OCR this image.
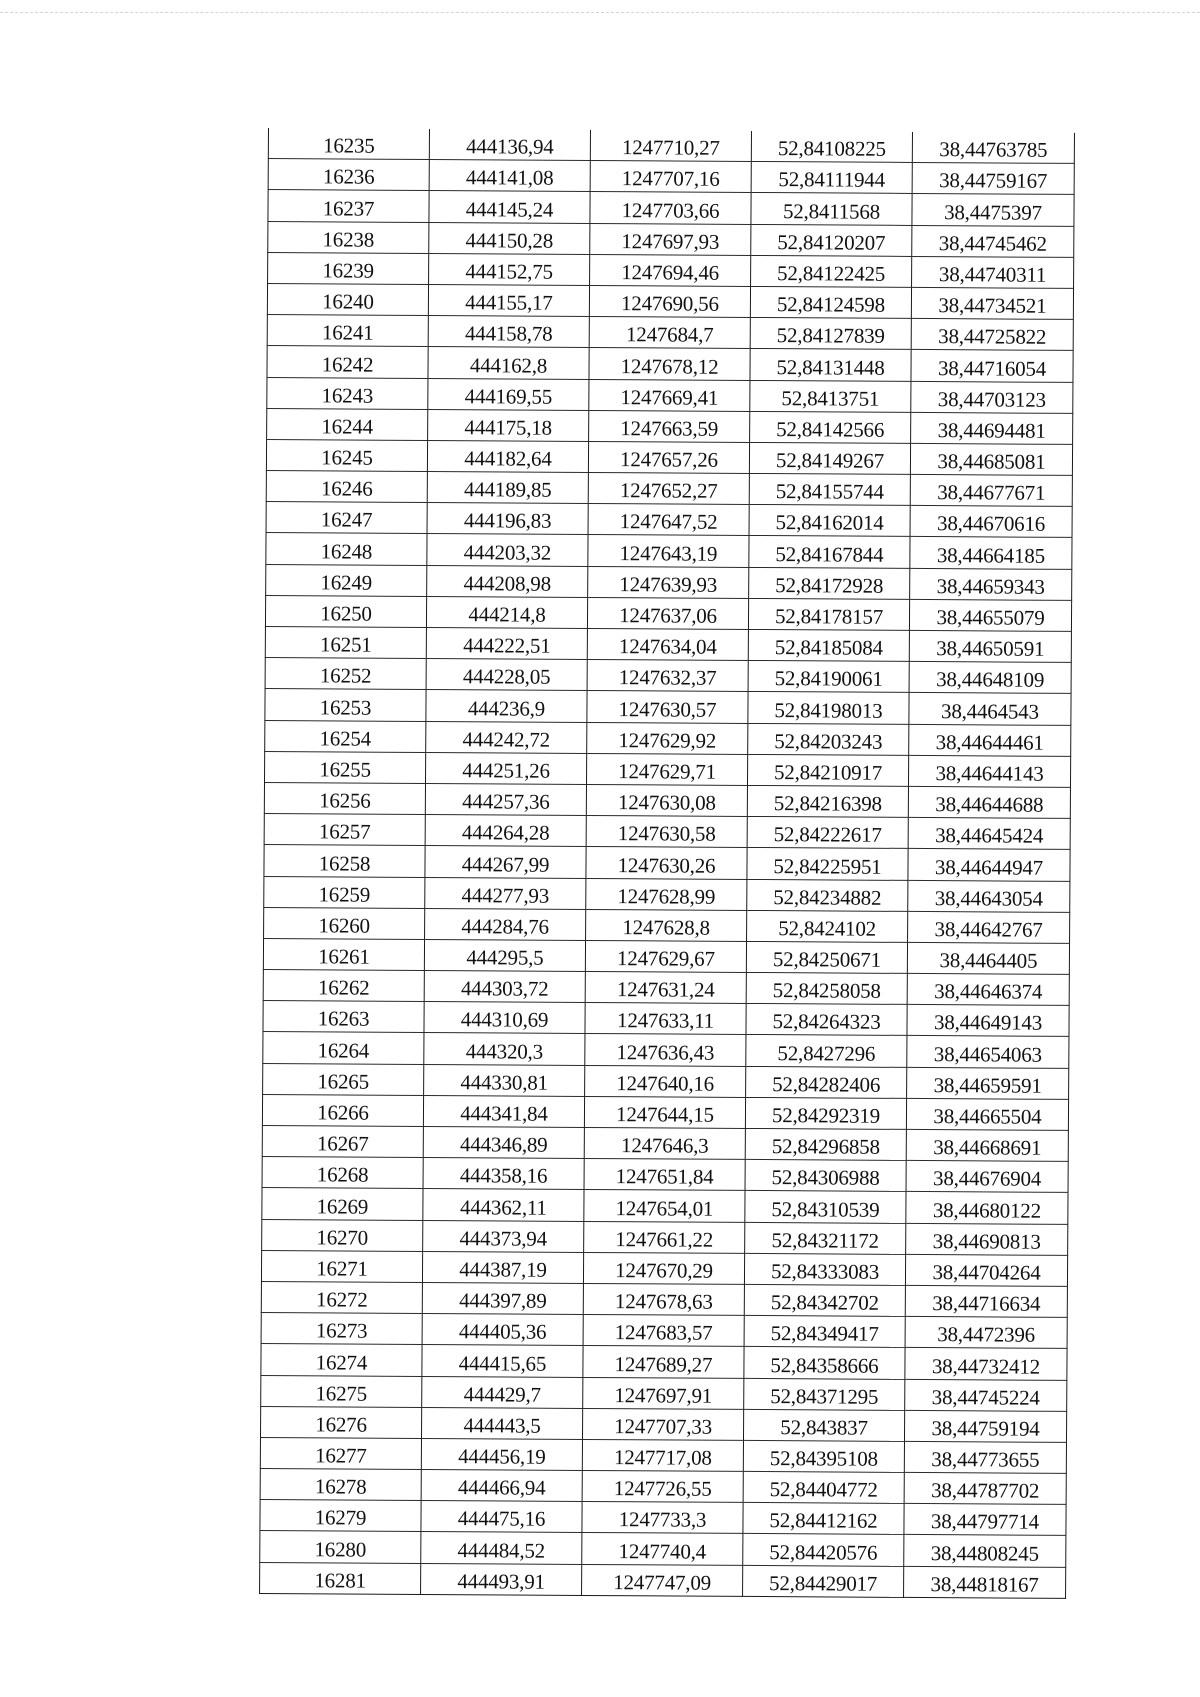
16235	444136,94	1247710,27	52,84108225	38,44763785
16236	444141,08	1247707,16	52,84111944	38,44759167
16237	444145,24	1247703,66	52,8411568	38,4475397
16238	444150,28	1247697,93	52,84120207	38,44745462
16239	444152,75	1247694,46	52,84122425	38,44740311
16240	444155,17	1247690,56	52,84124598	38,44734521
16241	444158,78	1247684,7	52,84127839	38,44725822
16242	444162,8	1247678,12	52,84131448	38,44716054
16243	444169,55	1247669,41	52,8413751	38,44703123
16244	444175,18	1247663,59	52,84142566	38,44694481
16245	444182,64	1247657,26	52,84149267	38,44685081
16246	444189,85	1247652,27	52,84155744	38,44677671
16247	444196,83	1247647,52	52,84162014	38,44670616
16248	444203,32	1247643,19	52,84167844	38,44664185
16249	444208,98	1247639,93	52,84172928	38,44659343
16250	444214,8	1247637,06	52,84178157	38,44655079
16251	444222,51	1247634,04	52,84185084	38,44650591
16252	444228,05	1247632,37	52,84190061	38,44648109
16253	444236,9	1247630,57	52,84198013	38,4464543
16254	444242,72	1247629,92	52,84203243	38,44644461
16255	444251,26	1247629,71	52,84210917	38,44644143
16256	444257,36	1247630,08	52,84216398	38,44644688
16257	444264,28	1247630,58	52,84222617	38,44645424
16258	444267,99	1247630,26	52,84225951	38,44644947
16259	444277,93	1247628,99	52,84234882	38,44643054
16260	444284,76	1247628,8	52,8424102	38,44642767
16261	444295,5	1247629,67	52,84250671	38,4464405
16262	444303,72	1247631,24	52,84258058	38,44646374
16263	444310,69	1247633,11	52,84264323	38,44649143
16264	444320,3	1247636,43	52,8427296	38,44654063
16265	444330,81	1247640,16	52,84282406	38,44659591
16266	444341,84	1247644,15	52,84292319	38,44665504
16267	444346,89	1247646,3	52,84296858	38,44668691
16268	444358,16	1247651,84	52,84306988	38,44676904
16269	444362,11	1247654,01	52,84310539	38,44680122
16270	444373,94	1247661,22	52,84321172	38,44690813
16271	444387,19	1247670,29	52,84333083	38,44704264
16272	444397,89	1247678,63	52,84342702	38,44716634
16273	444405,36	1247683,57	52,84349417	38,4472396
16274	444415,65	1247689,27	52,84358666	38,44732412
16275	444429,7	1247697,91	52,84371295	38,44745224
16276	444443,5	1247707,33	52,843837	38,44759194
16277	444456,19	1247717,08	52,84395108	38,44773655
16278	444466,94	1247726,55	52,84404772	38,44787702
16279	444475,16	1247733,3	52,84412162	38,44797714
16280	444484,52	1247740,4	52,84420576	38,44808245
16281	444493,91	1247747,09	52,84429017	38,44818167
